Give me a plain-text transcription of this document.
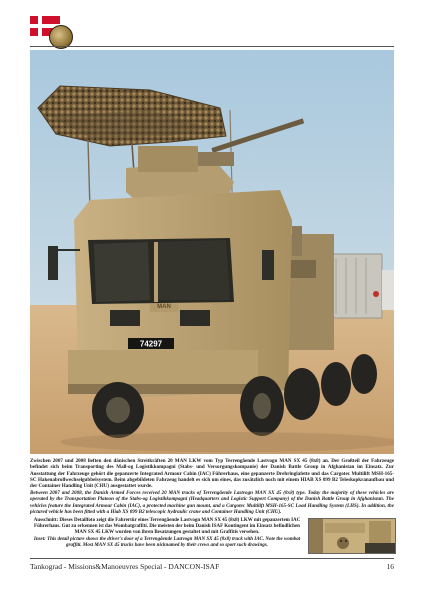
74297
MAN

Zwischen 2007 und 2008 lieften den dänischen Streitkräften 20 MAN LKW vom Typ Terrengående Lastvogn MAN SX 45 (8x8) an. Der Großteil der Fahrzeuge befindet sich beim Transporting des Mall-og Logistikkompagni (Stabs- und Versorgungskompanie) der Danish Battle Group in Afghanistan im Einsatz. Zur Ausstattung der Fahrzeuge gehört die gepanzerte Integrated Armour Cabin (IAC) Führerhaus, eine gepanzerte Drehringlafette und das Cargotec Multilift MSH-165-SC Hakenabrollwechselgubbelsystem. Beim abgebildeten Fahrzeug handelt es sich um eines, das zusätzlich noch mit einem HIAB XS 099 B2 Teleskopkranaufbau und der Container Handling Unit (CHU) ausgestattet wurde.

Between 2007 and 2008, the Danish Armed Forces received 20 MAN trucks of Terrengående Lastvogn MAN SX 45 (8x8) type. Today the majority of these vehicles are operated by the Transportation Platoon of the Stabs-og Logistikkompagni (Headquarters and Logistic Support Company) of the Danish Battle Group in Afghanistan. The vehicles feature the Integrated Armour Cabin (IAC), a protected machine gun mount, and a Cargotec Multilift MSH-165-SC Load Handling System (LHS). In addition, the pictured vehicle has been fitted with a Hiab XS 099 B2 telescopic hydraulic crane and Container Handling Unit (CHU).

Ausschnitt: Dieses Detailfoto zeigt die Fahrertür eines Terrengående Lastvogn MAN SX 45 (8x8) LKW mit gepanzertem IAC Führerhaus. Gut zu erkennen ist das Wombatgraffiti. Die meisten der beim Danish ISAF Kontingent im Einsatz befindlichen MAN SX 45 LKW wurden von ihren Besatzungen gestaltet und mit Graffitis versehen.

Inset: This detail picture shows the driver's door of a Terrengående Lastvogn MAN SX 45 (8x8) truck with IAC. Note the wombat graffiti. Most MAN SX 45 trucks have been nicknamed by their crews and so sport such drawings.

Tankograd - Missions&Manoeuvres Special - DANCON-ISAF	16
